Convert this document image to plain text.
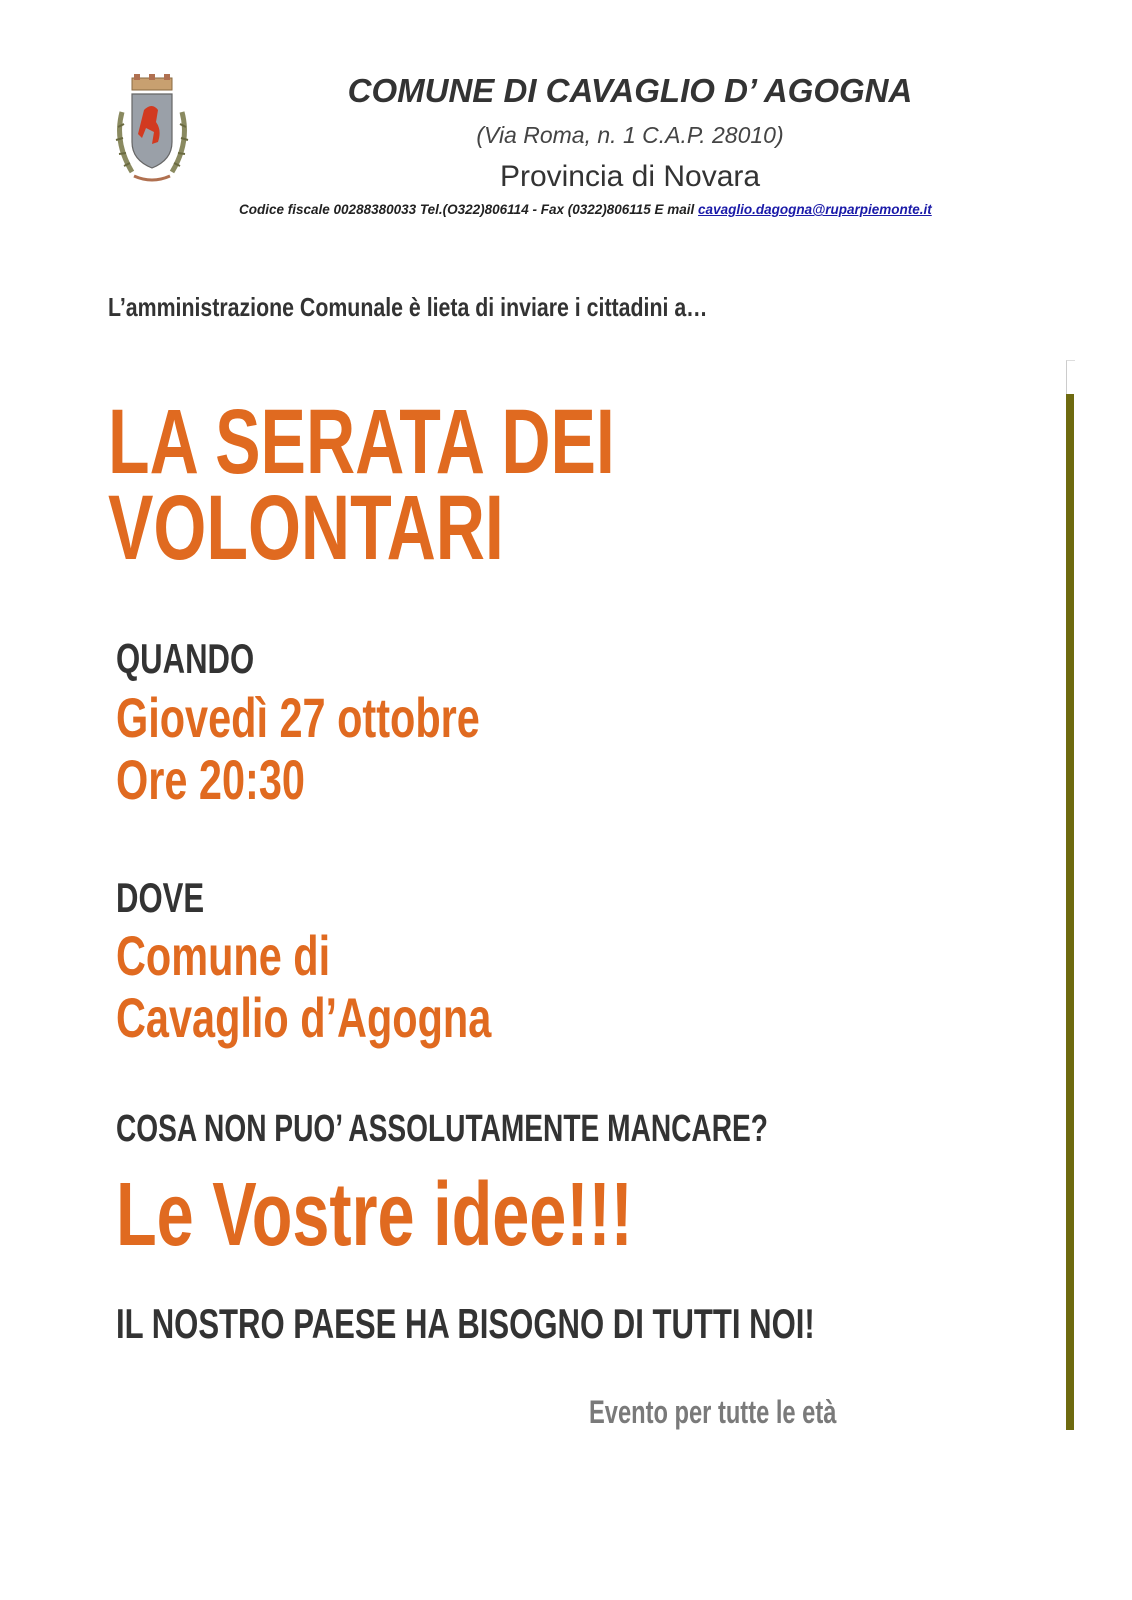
COMUNE DI CAVAGLIO D’ AGOGNA
(Via Roma, n. 1 C.A.P. 28010)
Provincia di Novara
Codice fiscale 00288380033 Tel.(O322)806114 - Fax (0322)806115 E mail cavaglio.dagogna@ruparpiemonte.it
L’amministrazione Comunale è lieta di inviare i cittadini a…
LA SERATA DEI
VOLONTARI
QUANDO
Giovedì 27 ottobre
Ore 20:30
DOVE
Comune di
Cavaglio d’Agogna
COSA NON PUO’ ASSOLUTAMENTE MANCARE?
Le Vostre idee!!!
IL NOSTRO PAESE HA BISOGNO DI TUTTI NOI!
Evento per tutte le età
